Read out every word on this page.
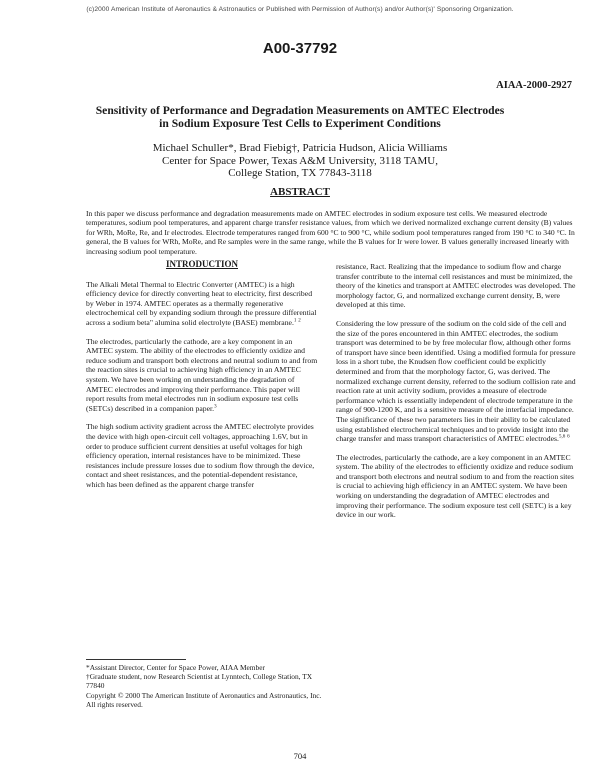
(c)2000 American Institute of Aeronautics & Astronautics or Published with Permission of Author(s) and/or Author(s)' Sponsoring Organization.
A00-37792
AIAA-2000-2927
Sensitivity of Performance and Degradation Measurements on AMTEC Electrodes
in Sodium Exposure Test Cells to Experiment Conditions
Michael Schuller*, Brad Fiebig†, Patricia Hudson, Alicia Williams
Center for Space Power, Texas A&M University, 3118 TAMU,
College Station, TX 77843-3118
ABSTRACT
In this paper we discuss performance and degradation measurements made on AMTEC electrodes in sodium exposure test cells. We measured electrode temperatures, sodium pool temperatures, and apparent charge transfer resistance values, from which we derived normalized exchange current density (B) values for WRh, MoRe, Re, and Ir electrodes. Electrode temperatures ranged from 600 °C to 900 °C, while sodium pool temperatures ranged from 190 °C to 340 °C. In general, the B values for WRh, MoRe, and Re samples were in the same range, while the B values for Ir were lower. B values generally increased linearly with increasing sodium pool temperature.
INTRODUCTION

The Alkali Metal Thermal to Electric Converter (AMTEC) is a high efficiency device for directly converting heat to electricity, first described by Weber in 1974. AMTEC operates as a thermally regenerative electrochemical cell by expanding sodium through the pressure differential across a sodium beta" alumina solid electrolyte (BASE) membrane.$^1$ $^2$

The electrodes, particularly the cathode, are a key component in an AMTEC system. The ability of the electrodes to efficiently oxidize and reduce sodium and transport both electrons and neutral sodium to and from the reaction sites is crucial to achieving high efficiency in an AMTEC system. We have been working on understanding the degradation of AMTEC electrodes and improving their performance. This paper will report results from metal electrodes run in sodium exposure test cells (SETCs) described in a companion paper.$^3$

The high sodium activity gradient across the AMTEC electrolyte provides the device with high open-circuit cell voltages, approaching 1.6V, but in order to produce sufficient current densities at useful voltages for high efficiency operation, internal resistances have to be minimized. These resistances include pressure losses due to sodium flow through the device, contact and sheet resistances, and the potential-dependent resistance, which has been defined as the apparent charge transfer

resistance, Ract. Realizing that the impedance to sodium flow and charge transfer contribute to the internal cell resistances and must be minimized, the theory of the kinetics and transport at AMTEC electrodes was developed. The morphology factor, G, and normalized exchange current density, B, were developed at this time.

Considering the low pressure of the sodium on the cold side of the cell and the size of the pores encountered in thin AMTEC electrodes, the sodium transport was determined to be by free molecular flow, although other forms of transport have since been identified. Using a modified formula for pressure loss in a short tube, the Knudsen flow coefficient could be explicitly determined and from that the morphology factor, G, was derived. The normalized exchange current density, referred to the sodium collision rate and reaction rate at unit activity sodium, provides a measure of electrode performance which is essentially independent of electrode temperature in the range of 900-1200 K, and is a sensitive measure of the interfacial impedance. The significance of these two parameters lies in their ability to be calculated using established electrochemical techniques and to provide insight into the charge transfer and mass transport characteristics of AMTEC electrodes.$^{5,6}$ $^6$

The electrodes, particularly the cathode, are a key component in an AMTEC system. The ability of the electrodes to efficiently oxidize and reduce sodium and transport both electrons and neutral sodium to and from the reaction sites is crucial to achieving high efficiency in an AMTEC system. We have been working on understanding the degradation of AMTEC electrodes and improving their performance. The sodium exposure test cell (SETC) is a key device in our work.

*Assistant Director, Center for Space Power, AIAA Member
†Graduate student, now Research Scientist at Lynntech, College Station, TX 77840
Copyright © 2000 The American Institute of Aeronautics and Astronautics, Inc. All rights reserved.
704
